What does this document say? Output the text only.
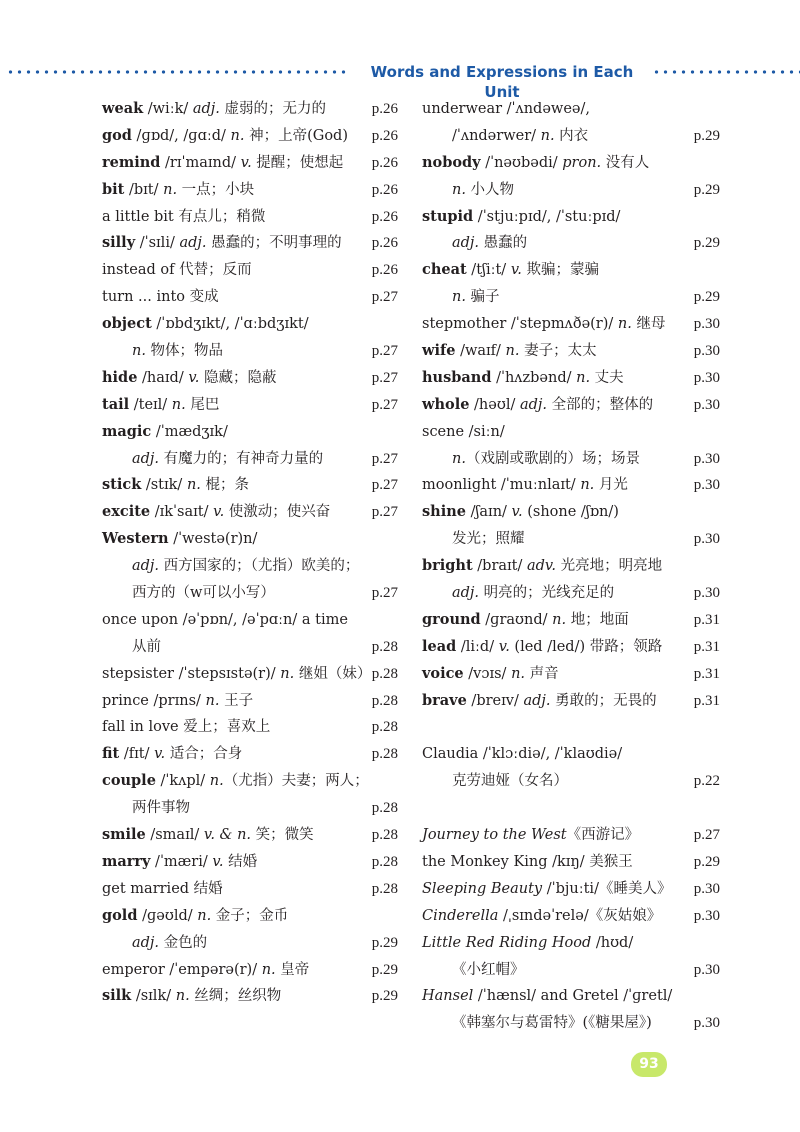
Words and Expressions in Each Unit
weak /wiːk/ adj. 虚弱的；无力的	p.26
god /ɡɒd/, /ɡɑːd/ n. 神；上帝(God) p.26
remind /rɪˈmaɪnd/ v. 提醒；使想起 p.26
bit /bɪt/ n. 一点；小块	p.26
a little bit 有点儿；稍微	p.26
silly /ˈsɪli/ adj. 愚蠢的；不明事理的 p.26
instead of 代替；反而	p.26
turn ... into 变成	p.27
object /ˈɒbdʒɪkt/, /ˈɑːbdʒɪkt/
n. 物体；物品	p.27
hide /haɪd/ v. 隐藏；隐蔽	p.27
tail /teɪl/ n. 尾巴	p.27
magic /ˈmædʒɪk/
adj. 有魔力的；有神奇力量的	p.27
stick /stɪk/ n. 棍；条	p.27
excite /ɪkˈsaɪt/ v. 使激动；使兴奋	p.27
Western /ˈwestə(r)n/
adj. 西方国家的；（尤指）欧美的；
西方的（w可以小写）	p.27
once upon /əˈpɒn/, /əˈpɑːn/ a time
从前	p.28
stepsister /ˈstepsɪstə(r)/ n. 继姐（妹） p.28
prince /prɪns/ n. 王子	p.28
fall in love 爱上；喜欢上	p.28
fit /fɪt/ v. 适合；合身	p.28
couple /ˈkʌpl/ n.（尤指）夫妻；两人；
两件事物	p.28
smile /smaɪl/ v. & n. 笑；微笑	p.28
marry /ˈmæri/ v. 结婚	p.28
get married 结婚	p.28
gold /ɡəʊld/ n. 金子；金币
adj. 金色的	p.29
emperor /ˈempərə(r)/ n. 皇帝	p.29
silk /sɪlk/ n. 丝绸；丝织物	p.29
underwear /ˈʌndəweə/,
/ˈʌndərwer/ n. 内衣	p.29
nobody /ˈnəʊbədi/ pron. 没有人
n. 小人物	p.29
stupid /ˈstjuːpɪd/, /ˈstuːpɪd/
adj. 愚蠢的	p.29
cheat /tʃiːt/ v. 欺骗；蒙骗
n. 骗子	p.29
stepmother /ˈstepmʌðə(r)/ n. 继母 p.30
wife /waɪf/ n. 妻子；太太	p.30
husband /ˈhʌzbənd/ n. 丈夫	p.30
whole /həʊl/ adj. 全部的；整体的	p.30
scene /siːn/
n.（戏剧或歌剧的）场；场景	p.30
moonlight /ˈmuːnlaɪt/ n. 月光	p.30
shine /ʃaɪn/ v. (shone /ʃɒn/)
发光；照耀	p.30
bright /braɪt/ adv. 光亮地；明亮地
adj. 明亮的；光线充足的	p.30
ground /ɡraʊnd/ n. 地；地面	p.31
lead /liːd/ v. (led /led/) 带路；领路 p.31
voice /vɔɪs/ n. 声音	p.31
brave /breɪv/ adj. 勇敢的；无畏的 p.31
Claudia /ˈklɔːdiə/, /ˈklaʊdiə/
克劳迪娅（女名）	p.22
Journey to the West《西游记》	p.27
the Monkey King /kɪŋ/ 美猴王	p.29
Sleeping Beauty /ˈbjuːti/《睡美人》 p.30
Cinderella /ˌsɪndəˈrelə/《灰姑娘》 p.30
Little Red Riding Hood /hʊd/
《小红帽》	p.30
Hansel /ˈhænsl/ and Gretel /ˈɡretl/
《韩塞尔与葛雷特》(《糖果屋》)	p.30
93
